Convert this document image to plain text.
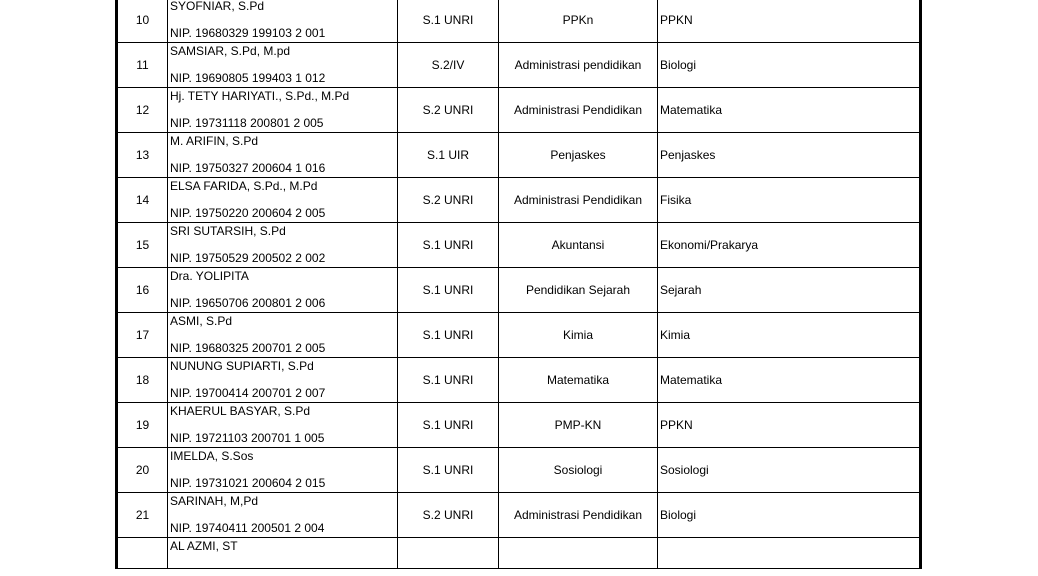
10	SYOFNIAR, S.Pd
NIP. 19680329 199103 2 001	S.1 UNRI	PPKn	PPKN
11	SAMSIAR, S.Pd, M.pd
NIP. 19690805 199403 1 012	S.2/IV	Administrasi pendidikan	Biologi
12	Hj. TETY HARIYATI., S.Pd., M.Pd
NIP. 19731118 200801 2 005	S.2 UNRI	Administrasi Pendidikan	Matematika
13	M. ARIFIN, S.Pd
NIP. 19750327 200604 1 016	S.1 UIR	Penjaskes	Penjaskes
14	ELSA FARIDA, S.Pd., M.Pd
NIP. 19750220 200604 2 005	S.2 UNRI	Administrasi Pendidikan	Fisika
15	SRI SUTARSIH, S.Pd
NIP. 19750529 200502 2 002	S.1 UNRI	Akuntansi	Ekonomi/Prakarya
16	Dra. YOLIPITA
NIP. 19650706 200801 2 006	S.1 UNRI	Pendidikan Sejarah	Sejarah
17	ASMI, S.Pd
NIP. 19680325 200701 2 005	S.1 UNRI	Kimia	Kimia
18	NUNUNG SUPIARTI, S.Pd
NIP. 19700414 200701 2 007	S.1 UNRI	Matematika	Matematika
19	KHAERUL BASYAR, S.Pd
NIP. 19721103 200701 1 005	S.1 UNRI	PMP-KN	PPKN
20	IMELDA, S.Sos
NIP. 19731021 200604 2 015	S.1 UNRI	Sosiologi	Sosiologi
21	SARINAH, M,Pd
NIP. 19740411 200501 2 004	S.2 UNRI	Administrasi Pendidikan	Biologi

	AL AZMI, ST			
